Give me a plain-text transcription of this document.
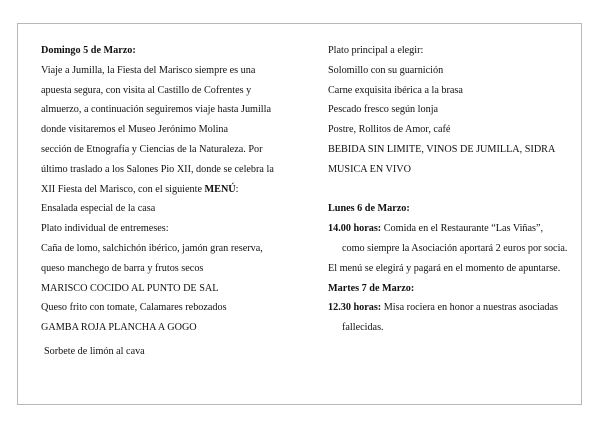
Domingo 5 de Marzo:
Viaje a Jumilla, la Fiesta del Marisco siempre es una
apuesta segura, con visita al Castillo de Cofrentes y
almuerzo, a continuación seguiremos viaje hasta Jumilla
donde visitaremos el Museo Jerónimo Molina
sección de Etnografía y Ciencias de la Naturaleza. Por
último traslado a los Salones Pio XII, donde se celebra la
XII Fiesta del Marisco, con el siguiente MENÚ:
Ensalada especial de la casa
Plato individual de entremeses:
Caña de lomo, salchichón ibérico, jamón gran reserva,
queso manchego de barra y frutos secos
MARISCO COCIDO AL PUNTO DE SAL
Queso frito con tomate, Calamares rebozados
GAMBA ROJA PLANCHA A GOGO
Sorbete de limón al cava
Plato principal a elegir:
Solomillo con su guarnición
Carne exquisita ibérica a la brasa
Pescado fresco según lonja
Postre, Rollitos de Amor, café
BEBIDA SIN LIMITE, VINOS DE JUMILLA, SIDRA
MUSICA EN VIVO
Lunes 6 de Marzo:
14.00 horas: Comida en el Restaurante “Las Viñas”,
como siempre la Asociación aportará 2 euros por socia.
El menú se elegirá y pagará en el momento de apuntarse.
Martes 7 de Marzo:
12.30 horas: Misa rociera en honor a nuestras asociadas
fallecidas.
